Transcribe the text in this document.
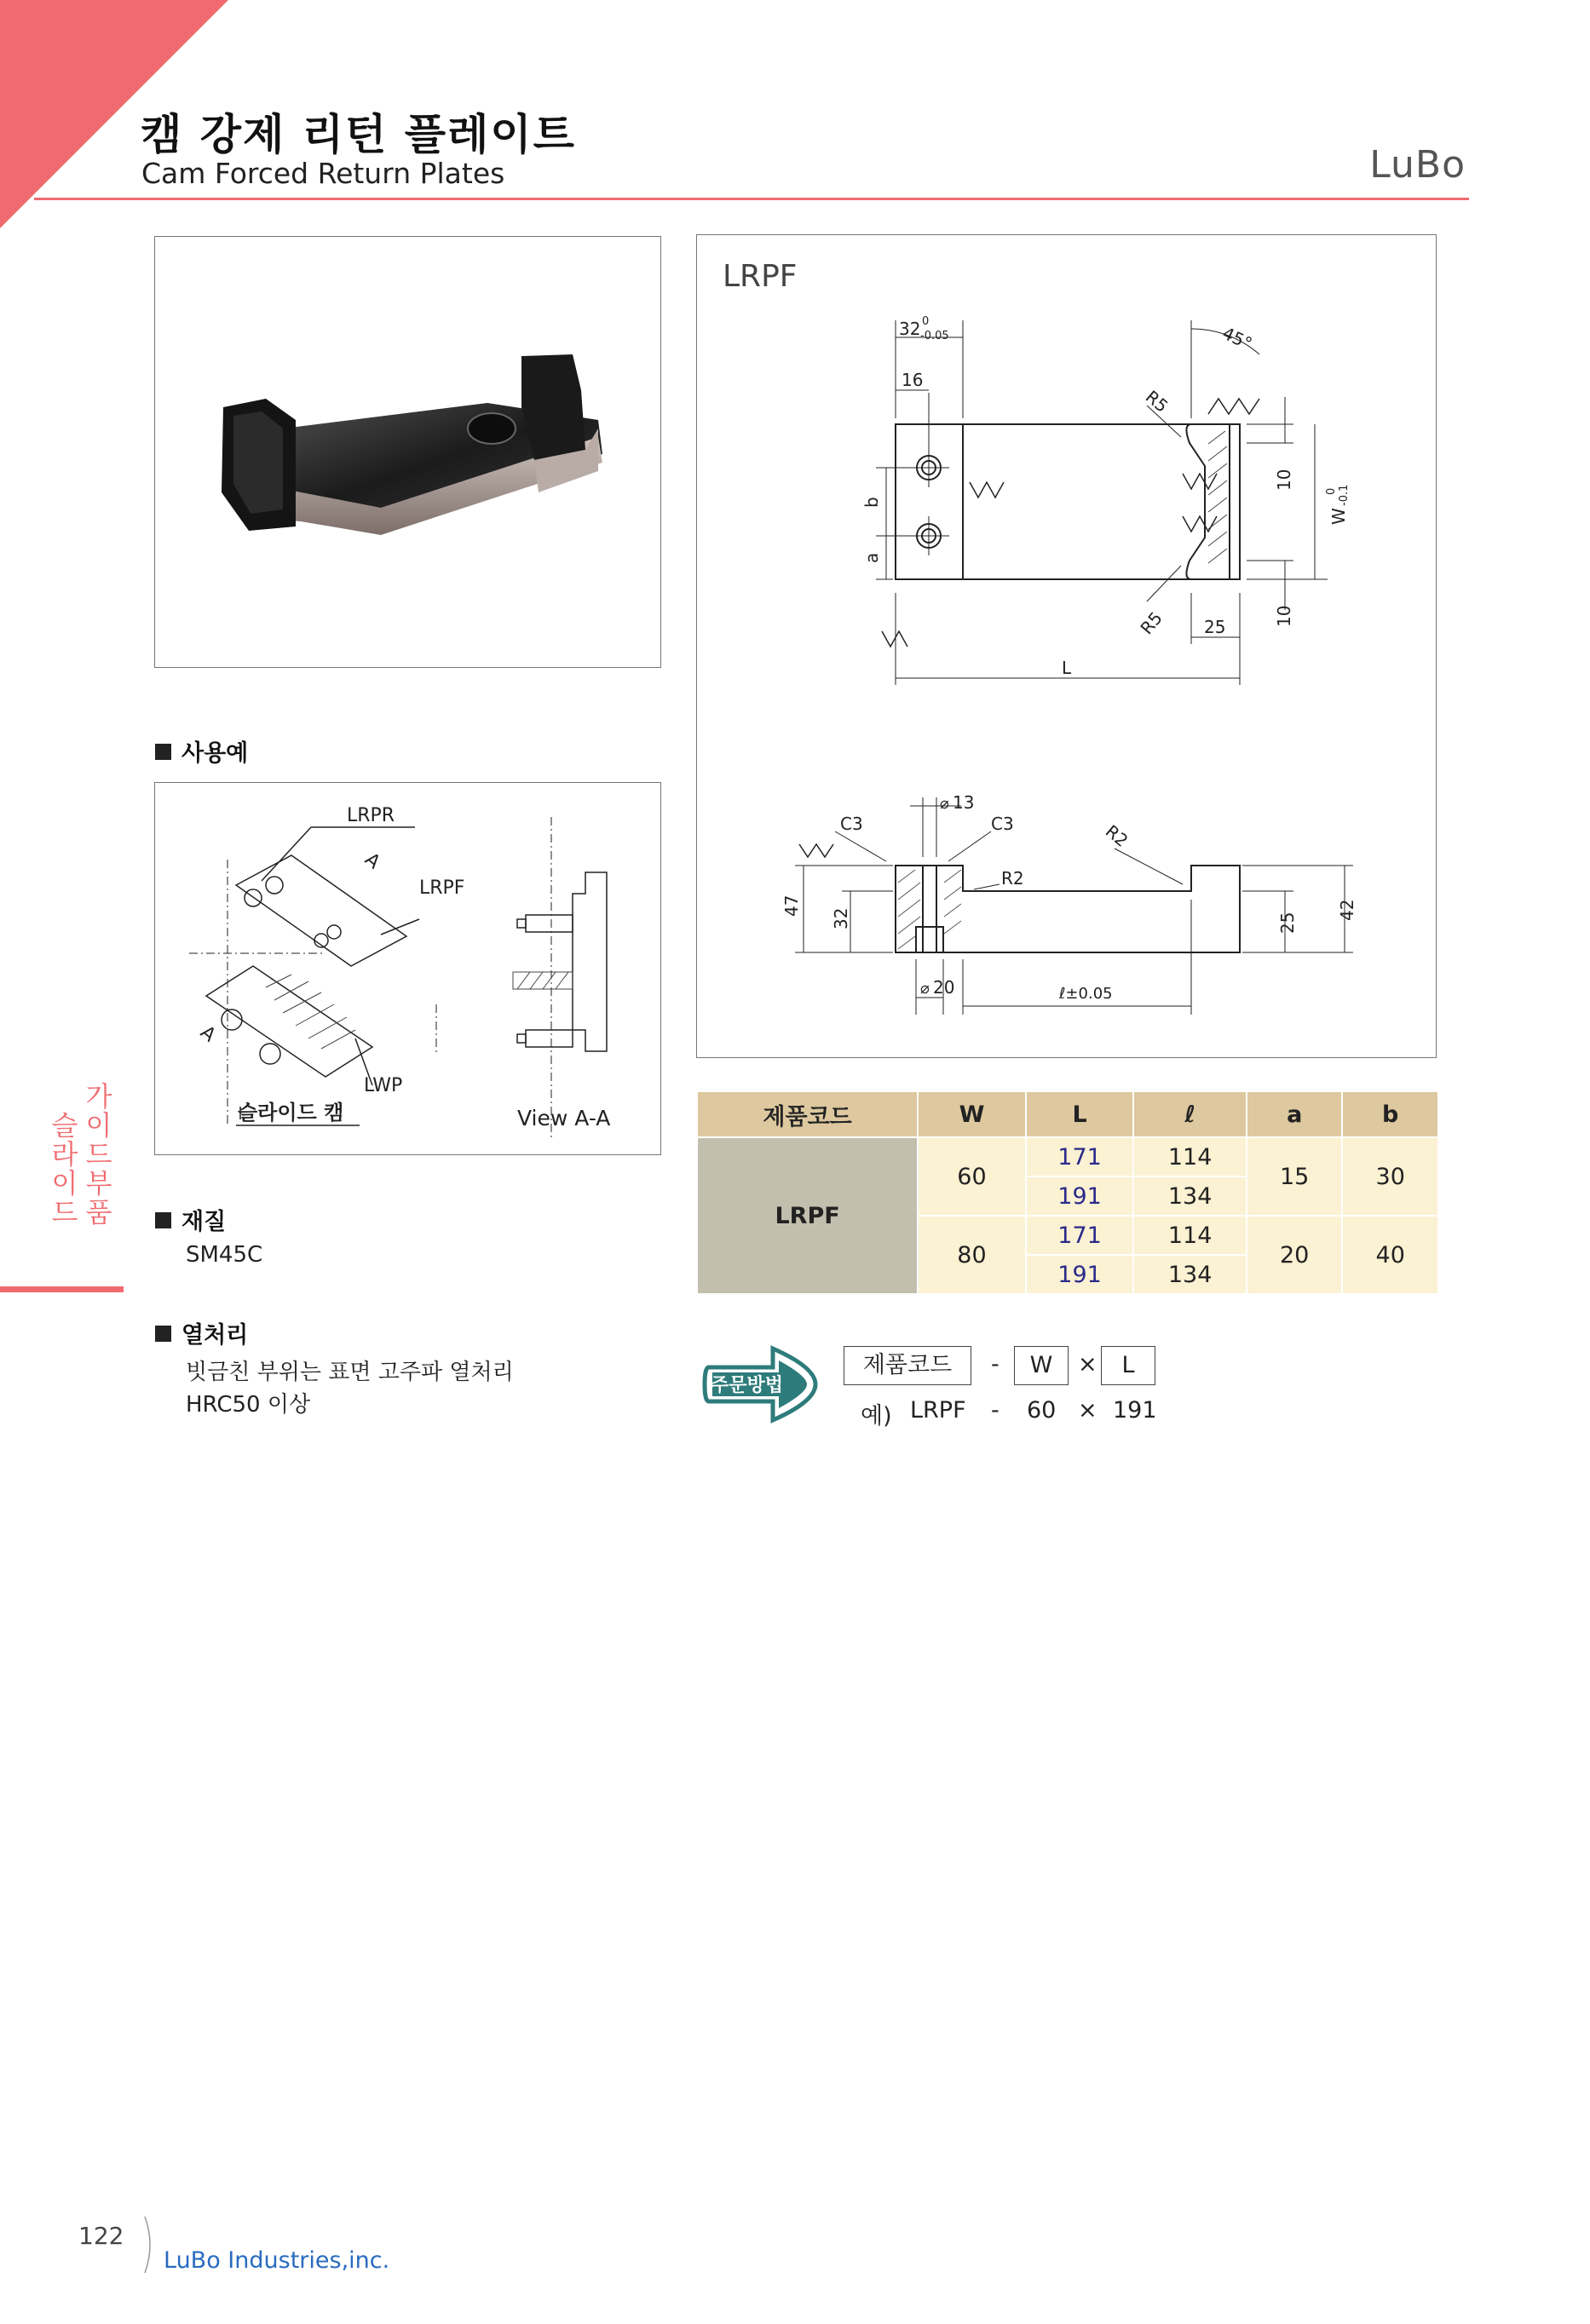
캠 강제 리턴 플레이트
Cam Forced Return Plates	LuBo
슬
라
이
드
가
이
드
부
품
LRPF
32 0
-0.05
16
R5
R5
45°
b
a
10
10
W
0 -0.1
25
L
C3	C3
13
⌀
R2
R2
47
32	25
42
⌀ 20	ℓ±0.05
사용예
LRPR
LRPF
LWP
A
A
슬라이드 캠	View A-A
재질
SM45C
열처리
빗금친 부위는 표면 고주파 열처리
HRC50 이상
제품코드	W	L	ℓ	a	b
LRPF	60	171	114	15	30
		191	134		
	80	171	114	20	40
		191	134		
주문방법
제품코드	-	W	×	L
예) LRPF - 60 × 191
122
LuBo Industries,inc.
